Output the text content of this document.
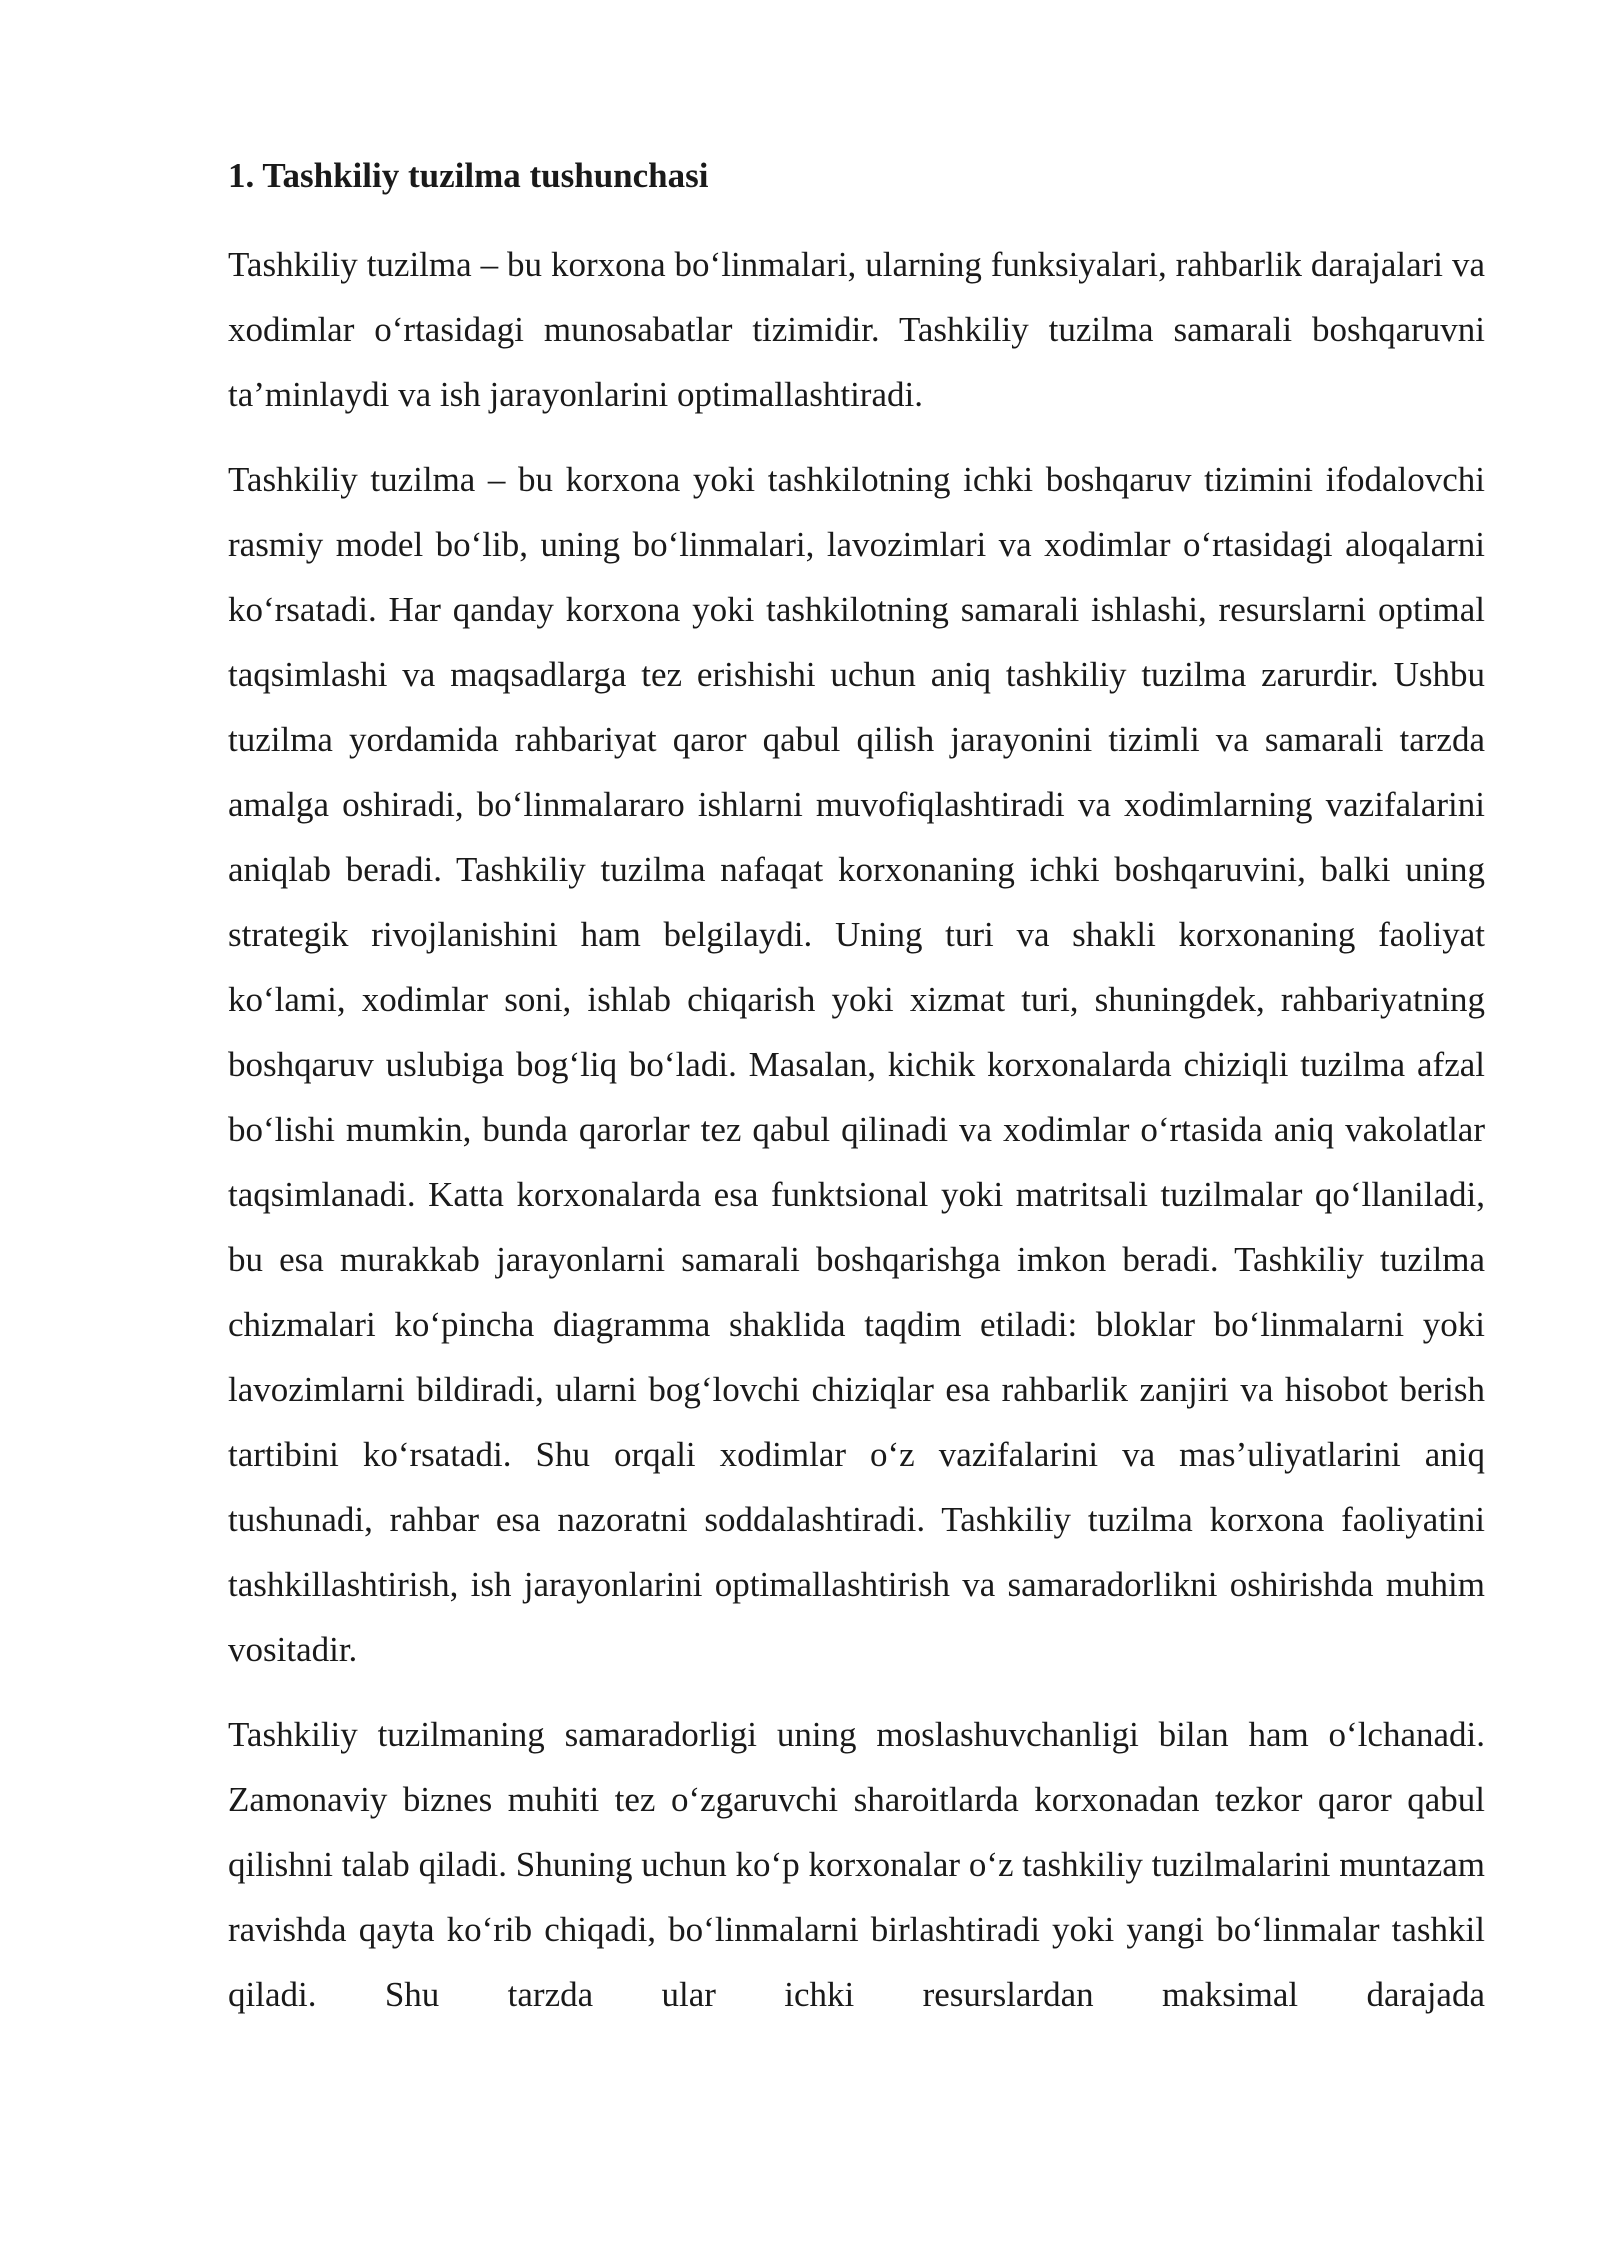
1. Tashkiliy tuzilma tushunchasi

Tashkiliy tuzilma – bu korxona bo‘linmalari, ularning funksiyalari, rahbarlik darajalari va xodimlar o‘rtasidagi munosabatlar tizimidir. Tashkiliy tuzilma samarali boshqaruvni ta’minlaydi va ish jarayonlarini optimallashtiradi.

Tashkiliy tuzilma – bu korxona yoki tashkilotning ichki boshqaruv tizimini ifodalovchi rasmiy model bo‘lib, uning bo‘linmalari, lavozimlari va xodimlar o‘rtasidagi aloqalarni ko‘rsatadi. Har qanday korxona yoki tashkilotning samarali ishlashi, resurslarni optimal taqsimlashi va maqsadlarga tez erishishi uchun aniq tashkiliy tuzilma zarurdir. Ushbu tuzilma yordamida rahbariyat qaror qabul qilish jarayonini tizimli va samarali tarzda amalga oshiradi, bo‘linmalararo ishlarni muvofiqlashtiradi va xodimlarning vazifalarini aniqlab beradi. Tashkiliy tuzilma nafaqat korxonaning ichki boshqaruvini, balki uning strategik rivojlanishini ham belgilaydi. Uning turi va shakli korxonaning faoliyat ko‘lami, xodimlar soni, ishlab chiqarish yoki xizmat turi, shuningdek, rahbariyatning boshqaruv uslubiga bog‘liq bo‘ladi. Masalan, kichik korxonalarda chiziqli tuzilma afzal bo‘lishi mumkin, bunda qarorlar tez qabul qilinadi va xodimlar o‘rtasida aniq vakolatlar taqsimlanadi. Katta korxonalarda esa funktsional yoki matritsali tuzilmalar qo‘llaniladi, bu esa murakkab jarayonlarni samarali boshqarishga imkon beradi. Tashkiliy tuzilma chizmalari ko‘pincha diagramma shaklida taqdim etiladi: bloklar bo‘linmalarni yoki lavozimlarni bildiradi, ularni bog‘lovchi chiziqlar esa rahbarlik zanjiri va hisobot berish tartibini ko‘rsatadi. Shu orqali xodimlar o‘z vazifalarini va mas’uliyatlarini aniq tushunadi, rahbar esa nazoratni soddalashtiradi. Tashkiliy tuzilma korxona faoliyatini tashkillashtirish, ish jarayonlarini optimallashtirish va samaradorlikni oshirishda muhim vositadir.

Tashkiliy tuzilmaning samaradorligi uning moslashuvchanligi bilan ham o‘lchanadi. Zamonaviy biznes muhiti tez o‘zgaruvchi sharoitlarda korxonadan tezkor qaror qabul qilishni talab qiladi. Shuning uchun ko‘p korxonalar o‘z tashkiliy tuzilmalarini muntazam ravishda qayta ko‘rib chiqadi, bo‘linmalarni birlashtiradi yoki yangi bo‘linmalar tashkil qiladi. Shu tarzda ular ichki resurslardan maksimal darajada
